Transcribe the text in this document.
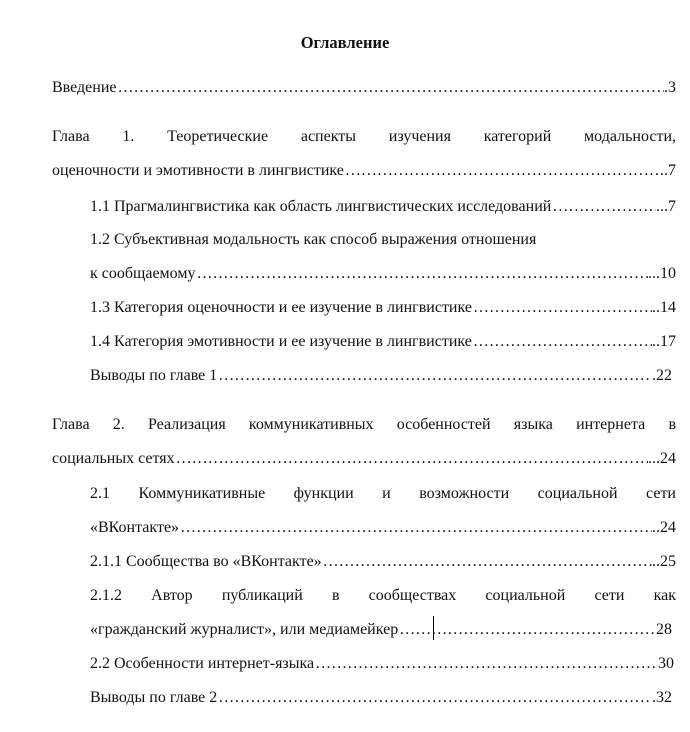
Оглавление
Введение …………………………………………………………………………………………………………………………………………………………………………………	.3
Глава 1. Теоретические аспекты изучения категорий модальности,
оценочности и эмотивности в лингвистике …………………………………………………………………………………………………………………………………………………………………………………	..7
1.1 Прагмалингвистика как область лингвистических исследований …………………………………………………………………………………………………………………………………………………………………………………	...7
1.2 Субъективная модальность как способ выражения отношения
к сообщаемому …………………………………………………………………………………………………………………………………………………………………………………	...10
1.3 Категория оценочности и ее изучение в лингвистике …………………………………………………………………………………………………………………………………………………………………………………	..14
1.4 Категория эмотивности и ее изучение в лингвистике …………………………………………………………………………………………………………………………………………………………………………………	..17
Выводы по главе 1 …………………………………………………………………………………………………………………………………………………………………………………	.22
Глава 2. Реализация коммуникативных особенностей языка интернета в
социальных сетях …………………………………………………………………………………………………………………………………………………………………………………	...24
2.1 Коммуникативные функции и возможности социальной сети
«ВКонтакте» …………………………………………………………………………………………………………………………………………………………………………………	..24
2.1.1 Сообщества во «ВКонтакте» …………………………………………………………………………………………………………………………………………………………………………………	..25
2.1.2 Автор публикаций в сообществах социальной сети как
«гражданский журналист», или медиамейкер …………………………………………………………………………………………………………………………………………………………………………………	28
2.2 Особенности интернет-языка …………………………………………………………………………………………………………………………………………………………………………………	30
Выводы по главе 2 …………………………………………………………………………………………………………………………………………………………………………………	.32
